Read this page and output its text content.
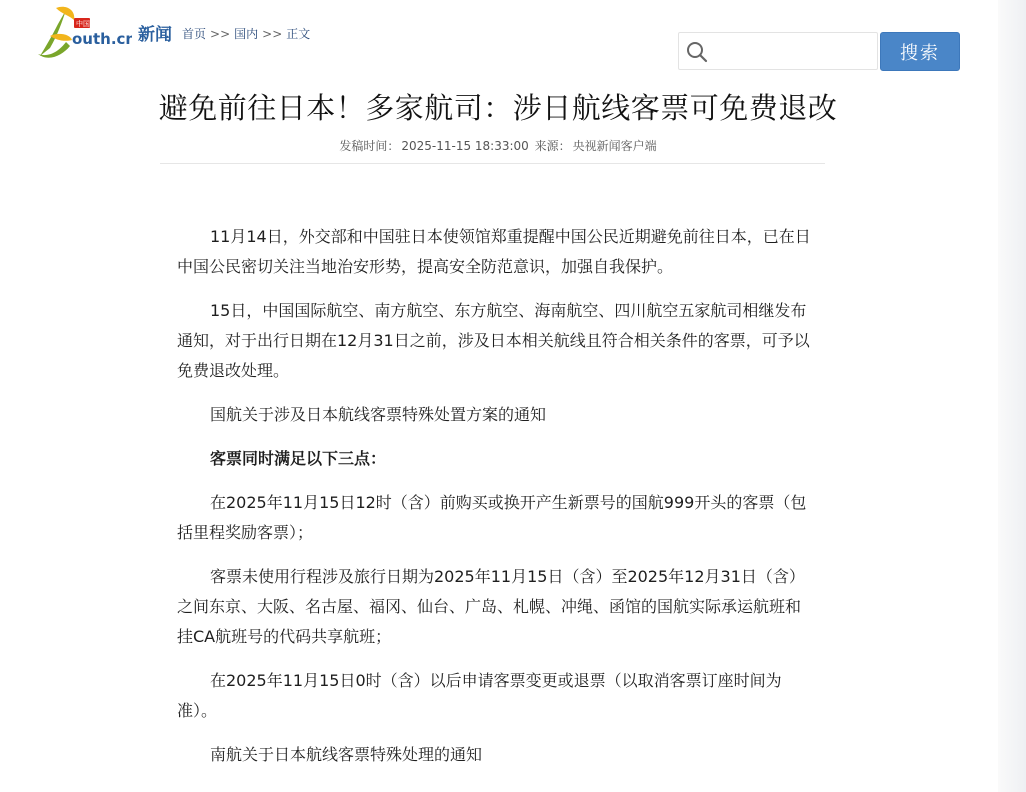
中国青年网
outh.cn 新闻 首页 >> 国内 >> 正文
搜索
避免前往日本！多家航司：涉日航线客票可免费退改
发稿时间： 2025-11-15 18:33:00 来源： 央视新闻客户端

11月14日，外交部和中国驻日本使领馆郑重提醒中国公民近期避免前往日本，已在日中国公民密切关注当地治安形势，提高安全防范意识，加强自我保护。

15日，中国国际航空、南方航空、东方航空、海南航空、四川航空五家航司相继发布通知，对于出行日期在12月31日之前，涉及日本相关航线且符合相关条件的客票，可予以免费退改处理。

国航关于涉及日本航线客票特殊处置方案的通知

客票同时满足以下三点：

在2025年11月15日12时（含）前购买或换开产生新票号的国航999开头的客票（包括里程奖励客票）；

客票未使用行程涉及旅行日期为2025年11月15日（含）至2025年12月31日（含）之间东京、大阪、名古屋、福冈、仙台、广岛、札幌、冲绳、函馆的国航实际承运航班和挂CA航班号的代码共享航班；

在2025年11月15日0时（含）以后申请客票变更或退票（以取消客票订座时间为准）。

南航关于日本航线客票特殊处理的通知
